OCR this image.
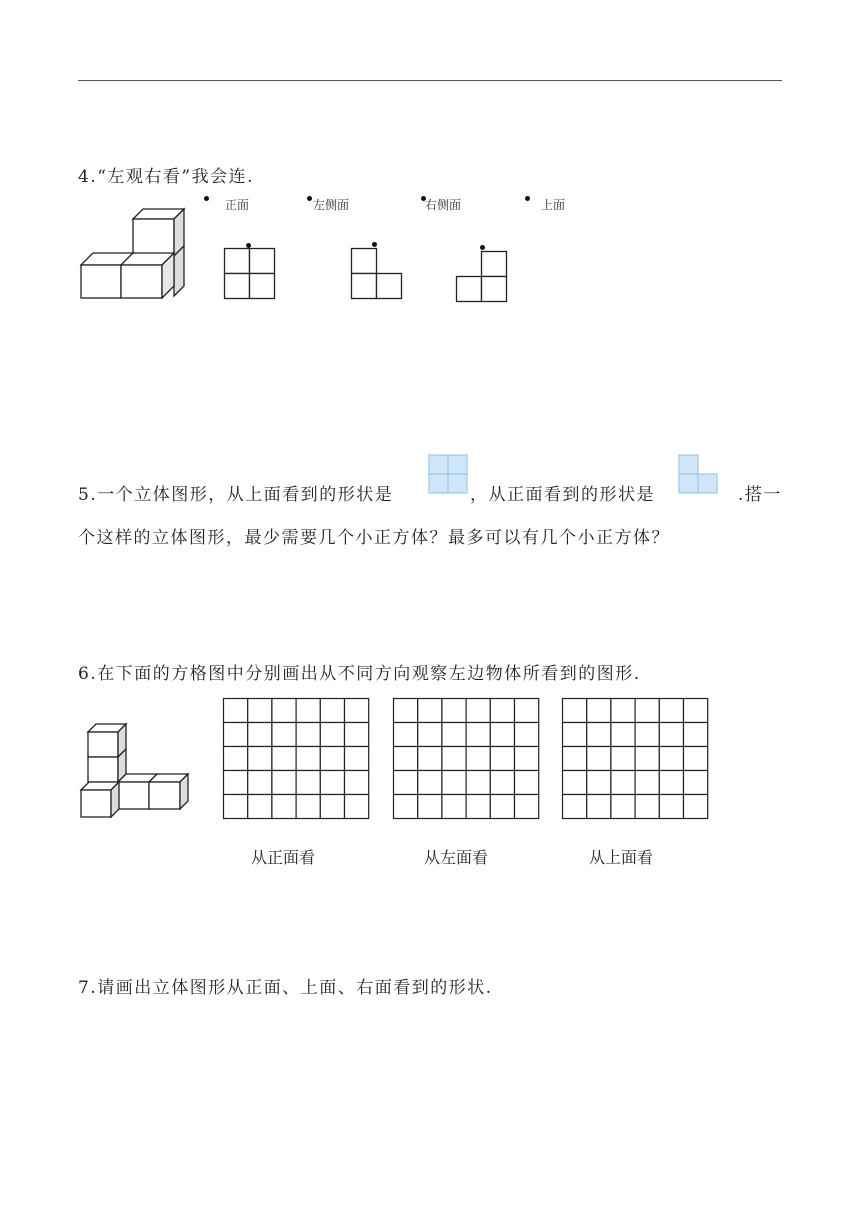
4.“左观右看”我会连.
正面	左侧面	右侧面	上面
5.一个立体图形，从上面看到的形状是	，从正面看到的形状是	.搭一
个这样的立体图形，最少需要几个小正方体？最多可以有几个小正方体？
6.在下面的方格图中分别画出从不同方向观察左边物体所看到的图形.
从正面看	从左面看	从上面看
7.请画出立体图形从正面、上面、右面看到的形状.
